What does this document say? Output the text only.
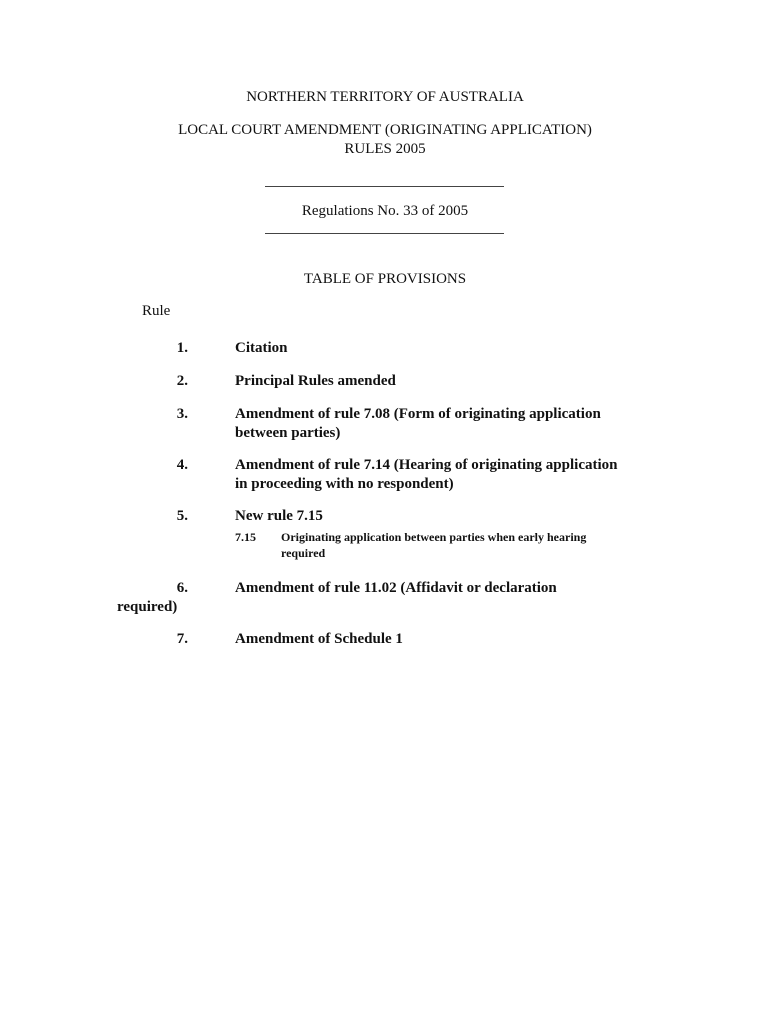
NORTHERN TERRITORY OF AUSTRALIA
LOCAL COURT AMENDMENT (ORIGINATING APPLICATION)
RULES 2005
Regulations No. 33 of 2005
TABLE OF PROVISIONS
Rule
1.	Citation
2.	Principal Rules amended
3.	Amendment of rule 7.08 (Form of originating application
between parties)
4.	Amendment of rule 7.14 (Hearing of originating application
in proceeding with no respondent)
5.	New rule 7.15
7.15 Originating application between parties when early hearing
required
6.	Amendment of rule 11.02 (Affidavit or declaration
required)
7.	Amendment of Schedule 1
